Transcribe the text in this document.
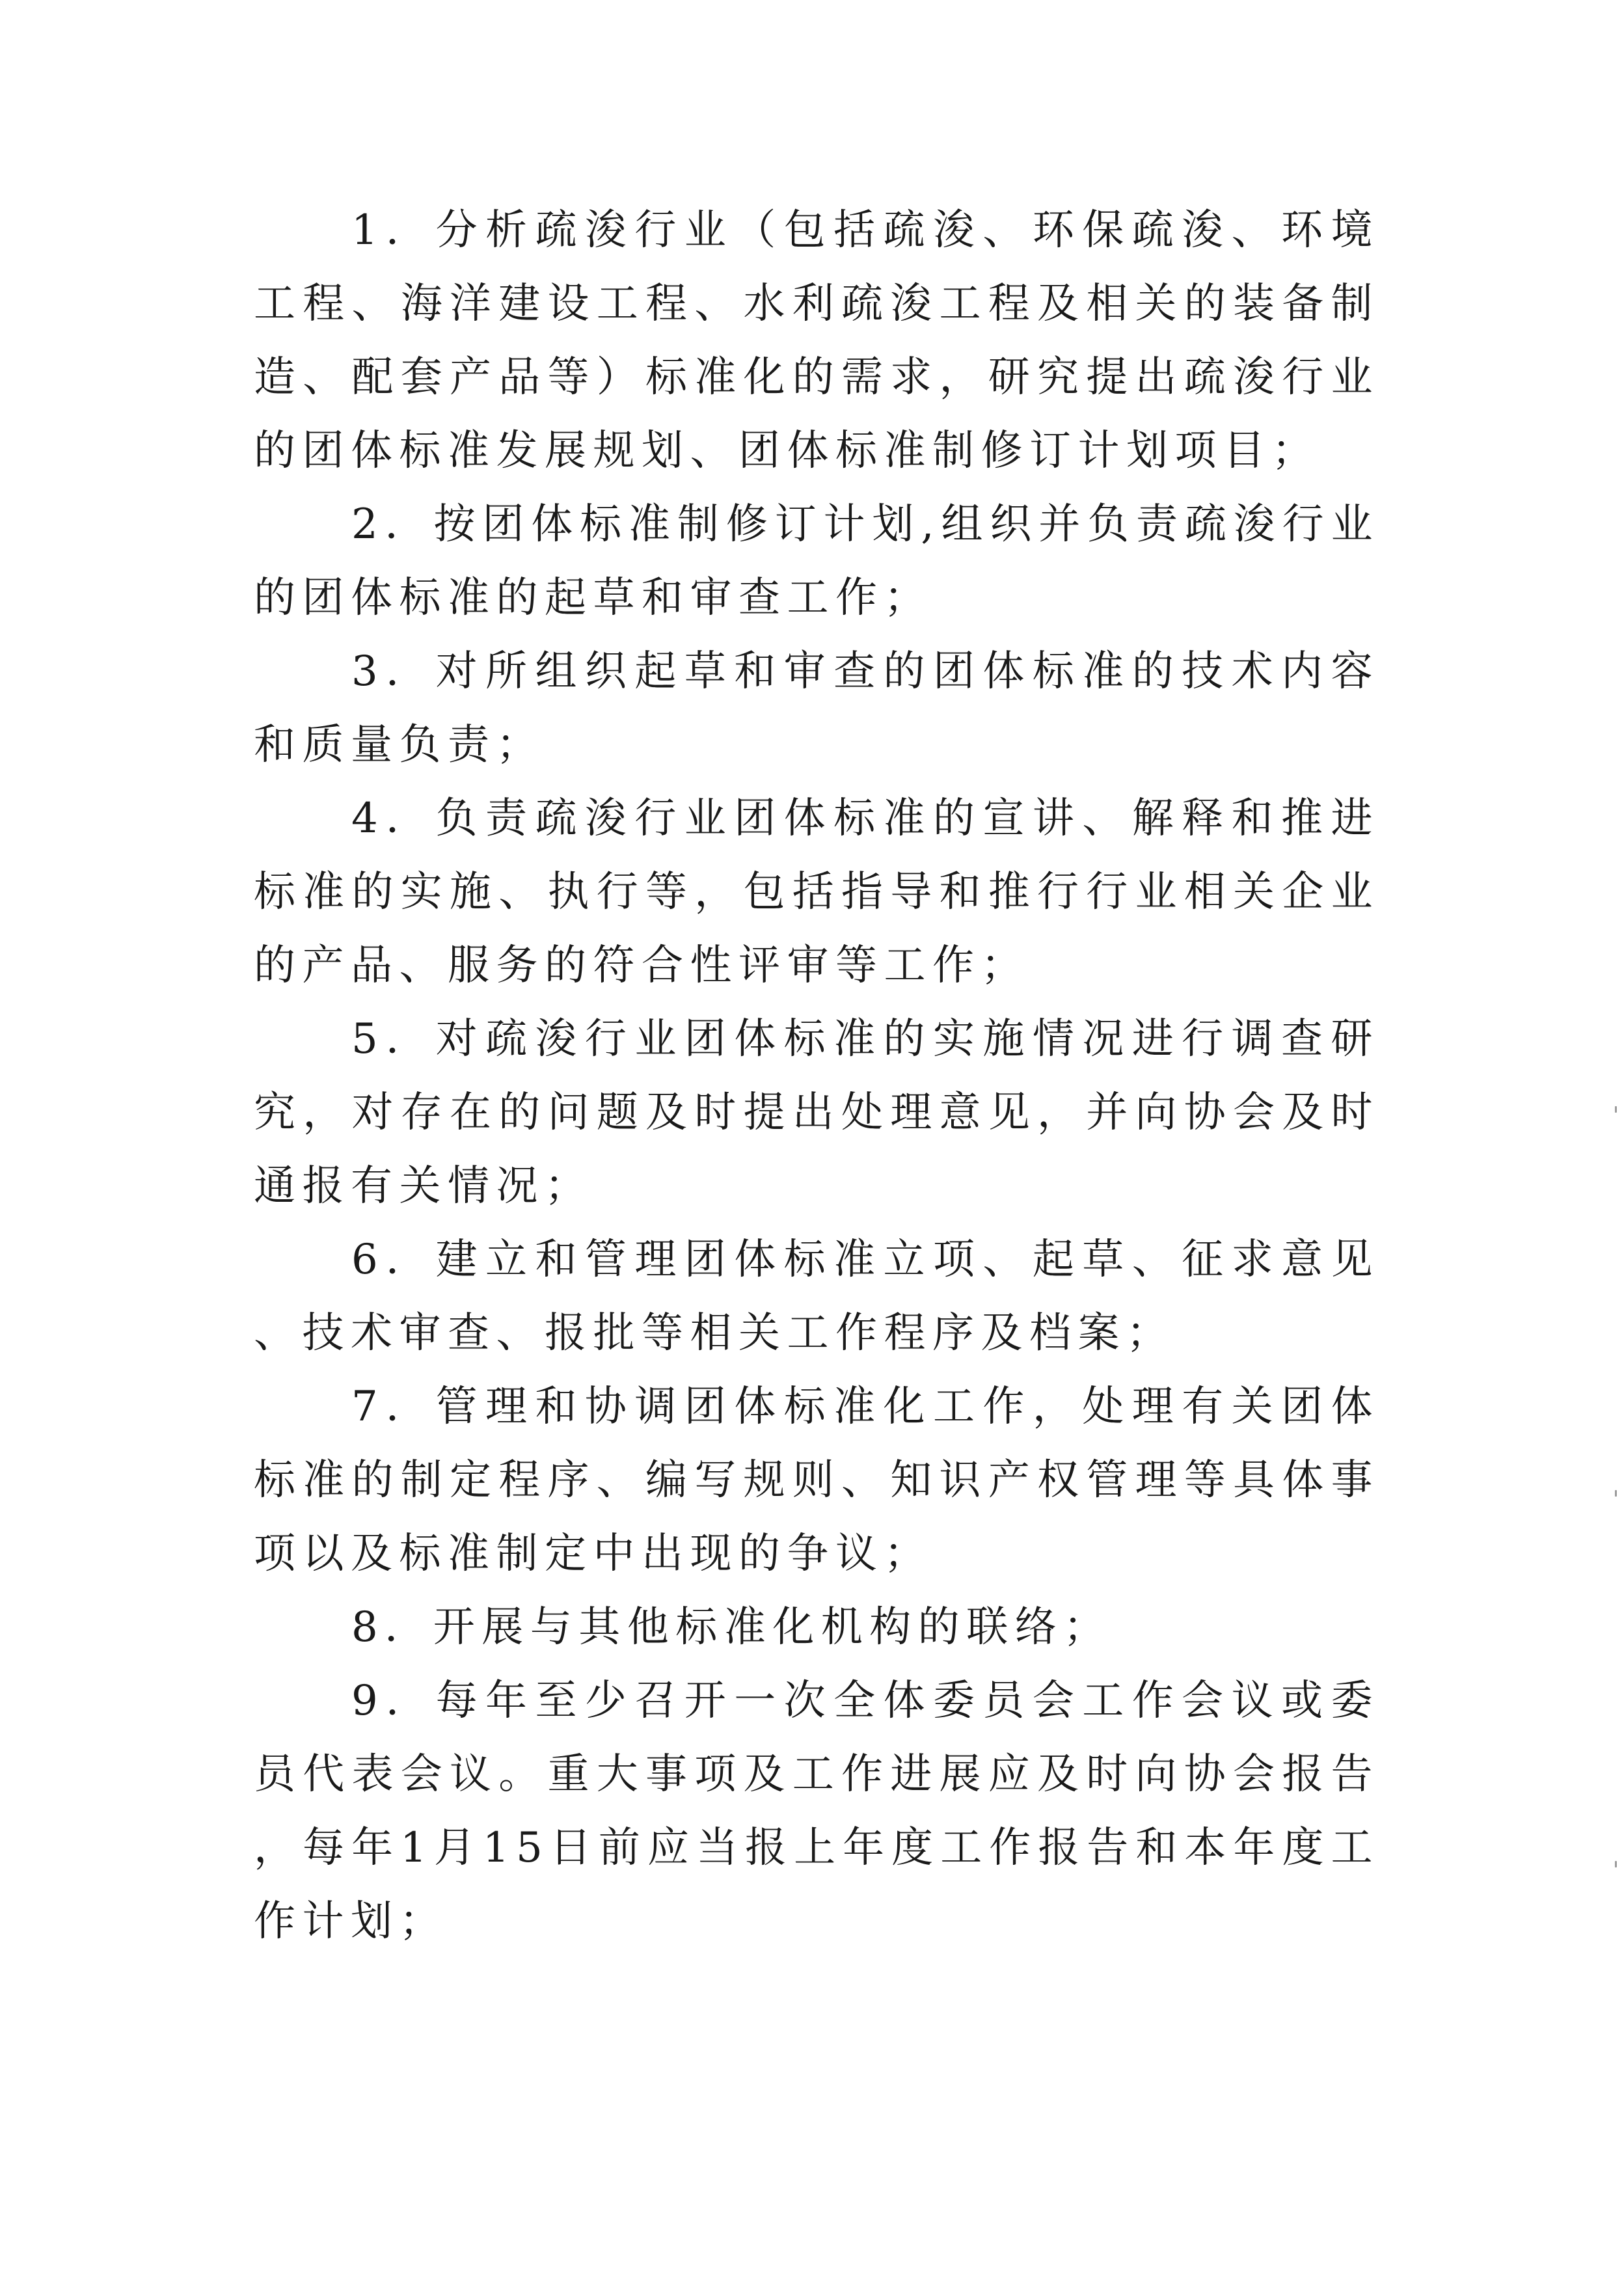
1．分析疏浚行业（包括疏浚、环保疏浚、环境工程、海洋建设工程、水利疏浚工程及相关的装备制造、配套产品等）标准化的需求，研究提出疏浚行业的团体标准发展规划、团体标准制修订计划项目；

2．按团体标准制修订计划,组织并负责疏浚行业的团体标准的起草和审查工作；

3．对所组织起草和审查的团体标准的技术内容和质量负责；

4．负责疏浚行业团体标准的宣讲、解释和推进标准的实施、执行等，包括指导和推行行业相关企业的产品、服务的符合性评审等工作；

5．对疏浚行业团体标准的实施情况进行调查研究，对存在的问题及时提出处理意见，并向协会及时通报有关情况；

6．建立和管理团体标准立项、起草、征求意见、技术审查、报批等相关工作程序及档案；

7．管理和协调团体标准化工作，处理有关团体标准的制定程序、编写规则、知识产权管理等具体事项以及标准制定中出现的争议；

8．开展与其他标准化机构的联络；

9．每年至少召开一次全体委员会工作会议或委员代表会议。重大事项及工作进展应及时向协会报告，每年1月15日前应当报上年度工作报告和本年度工作计划；
